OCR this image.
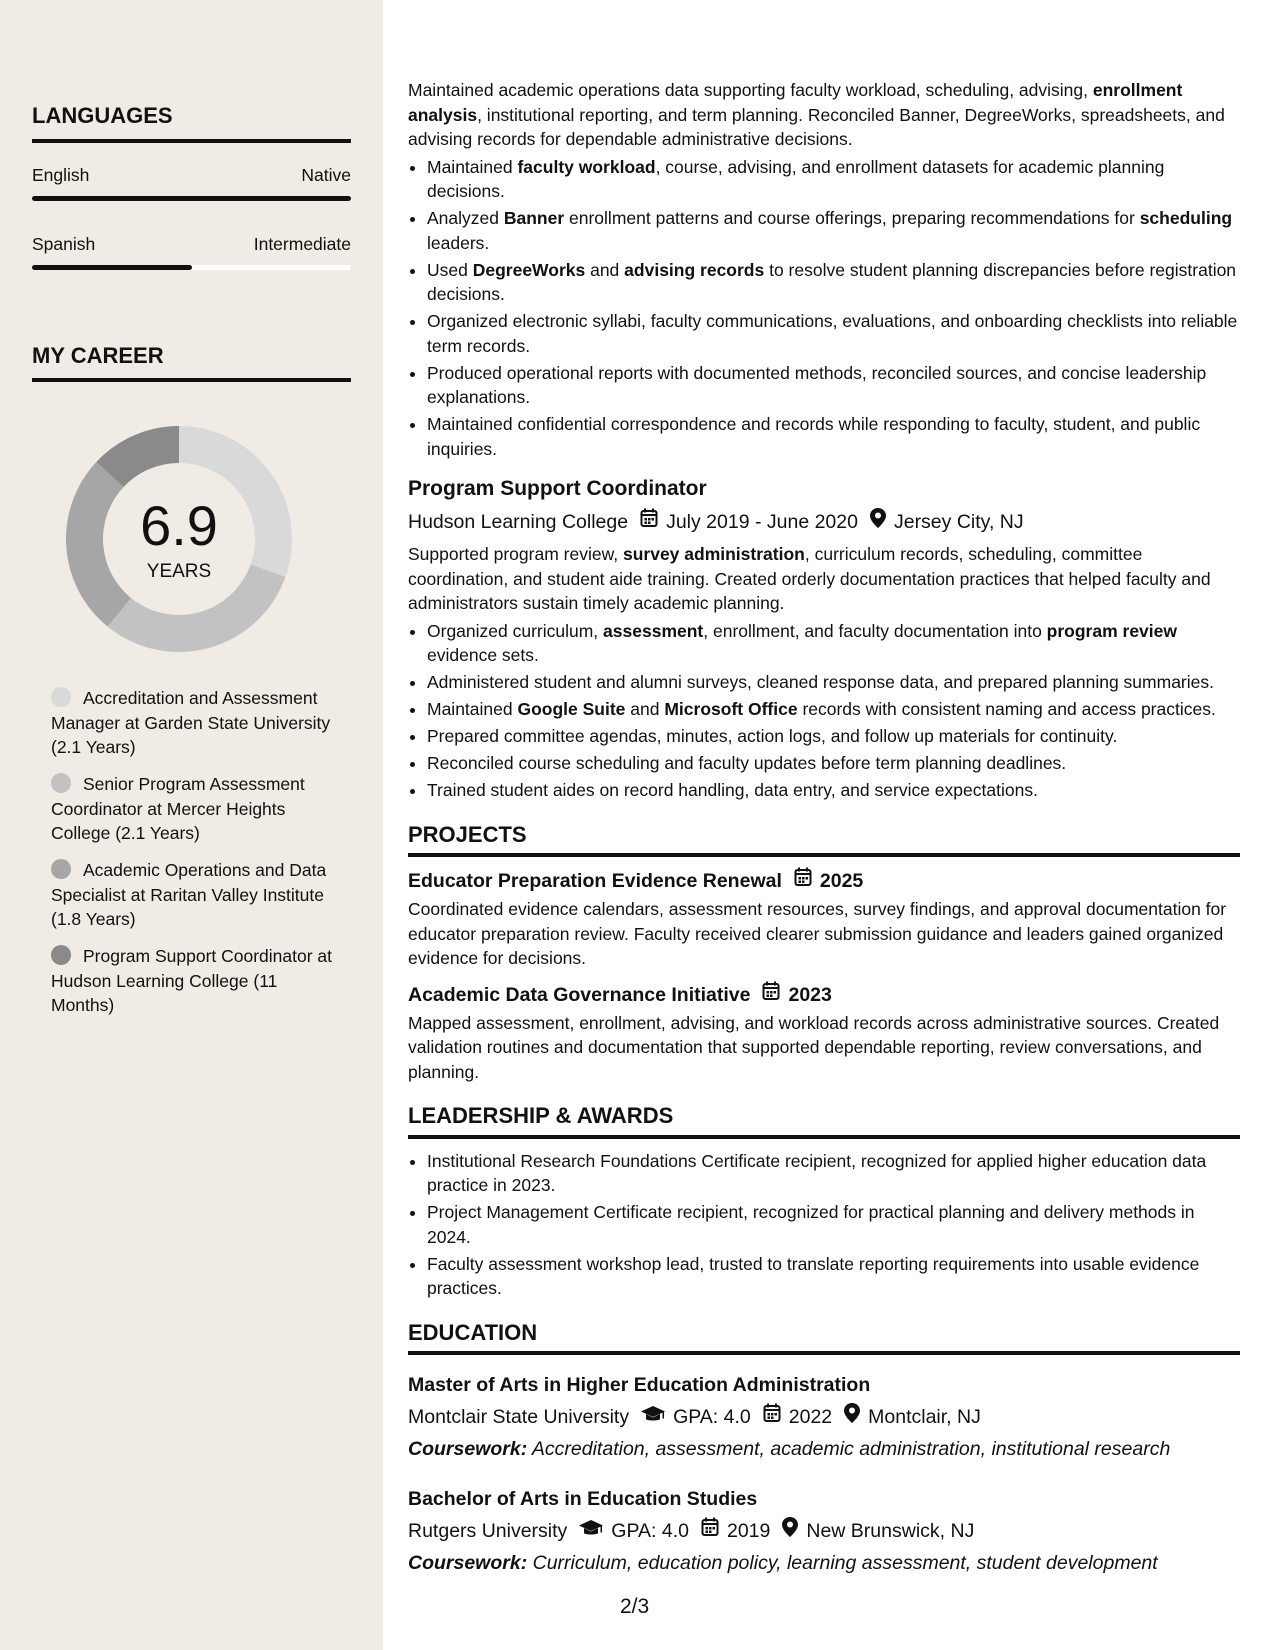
LANGUAGES
English	Native
Spanish	Intermediate
MY CAREER
6.9
YEARS
Accreditation and Assessment Manager at Garden State University (2.1 Years)
Senior Program Assessment Coordinator at Mercer Heights College (2.1 Years)
Academic Operations and Data Specialist at Raritan Valley Institute (1.8 Years)
Program Support Coordinator at Hudson Learning College (11 Months)

Maintained academic operations data supporting faculty workload, scheduling, advising, enrollment analysis, institutional reporting, and term planning. Reconciled Banner, DegreeWorks, spreadsheets, and advising records for dependable administrative decisions.

• Maintained faculty workload, course, advising, and enrollment datasets for academic planning decisions.
• Analyzed Banner enrollment patterns and course offerings, preparing recommendations for scheduling leaders.
• Used DegreeWorks and advising records to resolve student planning discrepancies before registration decisions.
• Organized electronic syllabi, faculty communications, evaluations, and onboarding checklists into reliable term records.
• Produced operational reports with documented methods, reconciled sources, and concise leadership explanations.
• Maintained confidential correspondence and records while responding to faculty, student, and public inquiries.
Program Support Coordinator
Hudson Learning College July 2019 - June 2020 Jersey City, NJ

Supported program review, survey administration, curriculum records, scheduling, committee coordination, and student aide training. Created orderly documentation practices that helped faculty and administrators sustain timely academic planning.

• Organized curriculum, assessment, enrollment, and faculty documentation into program review evidence sets.
• Administered student and alumni surveys, cleaned response data, and prepared planning summaries.
• Maintained Google Suite and Microsoft Office records with consistent naming and access practices.
• Prepared committee agendas, minutes, action logs, and follow up materials for continuity.
• Reconciled course scheduling and faculty updates before term planning deadlines.
• Trained student aides on record handling, data entry, and service expectations.
PROJECTS
Educator Preparation Evidence Renewal 2025

Coordinated evidence calendars, assessment resources, survey findings, and approval documentation for educator preparation review. Faculty received clearer submission guidance and leaders gained organized evidence for decisions.

Academic Data Governance Initiative 2023

Mapped assessment, enrollment, advising, and workload records across administrative sources. Created validation routines and documentation that supported dependable reporting, review conversations, and planning.

LEADERSHIP & AWARDS
• Institutional Research Foundations Certificate recipient, recognized for applied higher education data practice in 2023.
• Project Management Certificate recipient, recognized for practical planning and delivery methods in 2024.
• Faculty assessment workshop lead, trusted to translate reporting requirements into usable evidence practices.
EDUCATION
Master of Arts in Higher Education Administration
Montclair State University GPA: 4.0 2022 Montclair, NJ
Coursework: Accreditation, assessment, academic administration, institutional research
Bachelor of Arts in Education Studies
Rutgers University GPA: 4.0 2019 New Brunswick, NJ
Coursework: Curriculum, education policy, learning assessment, student development
2/3
